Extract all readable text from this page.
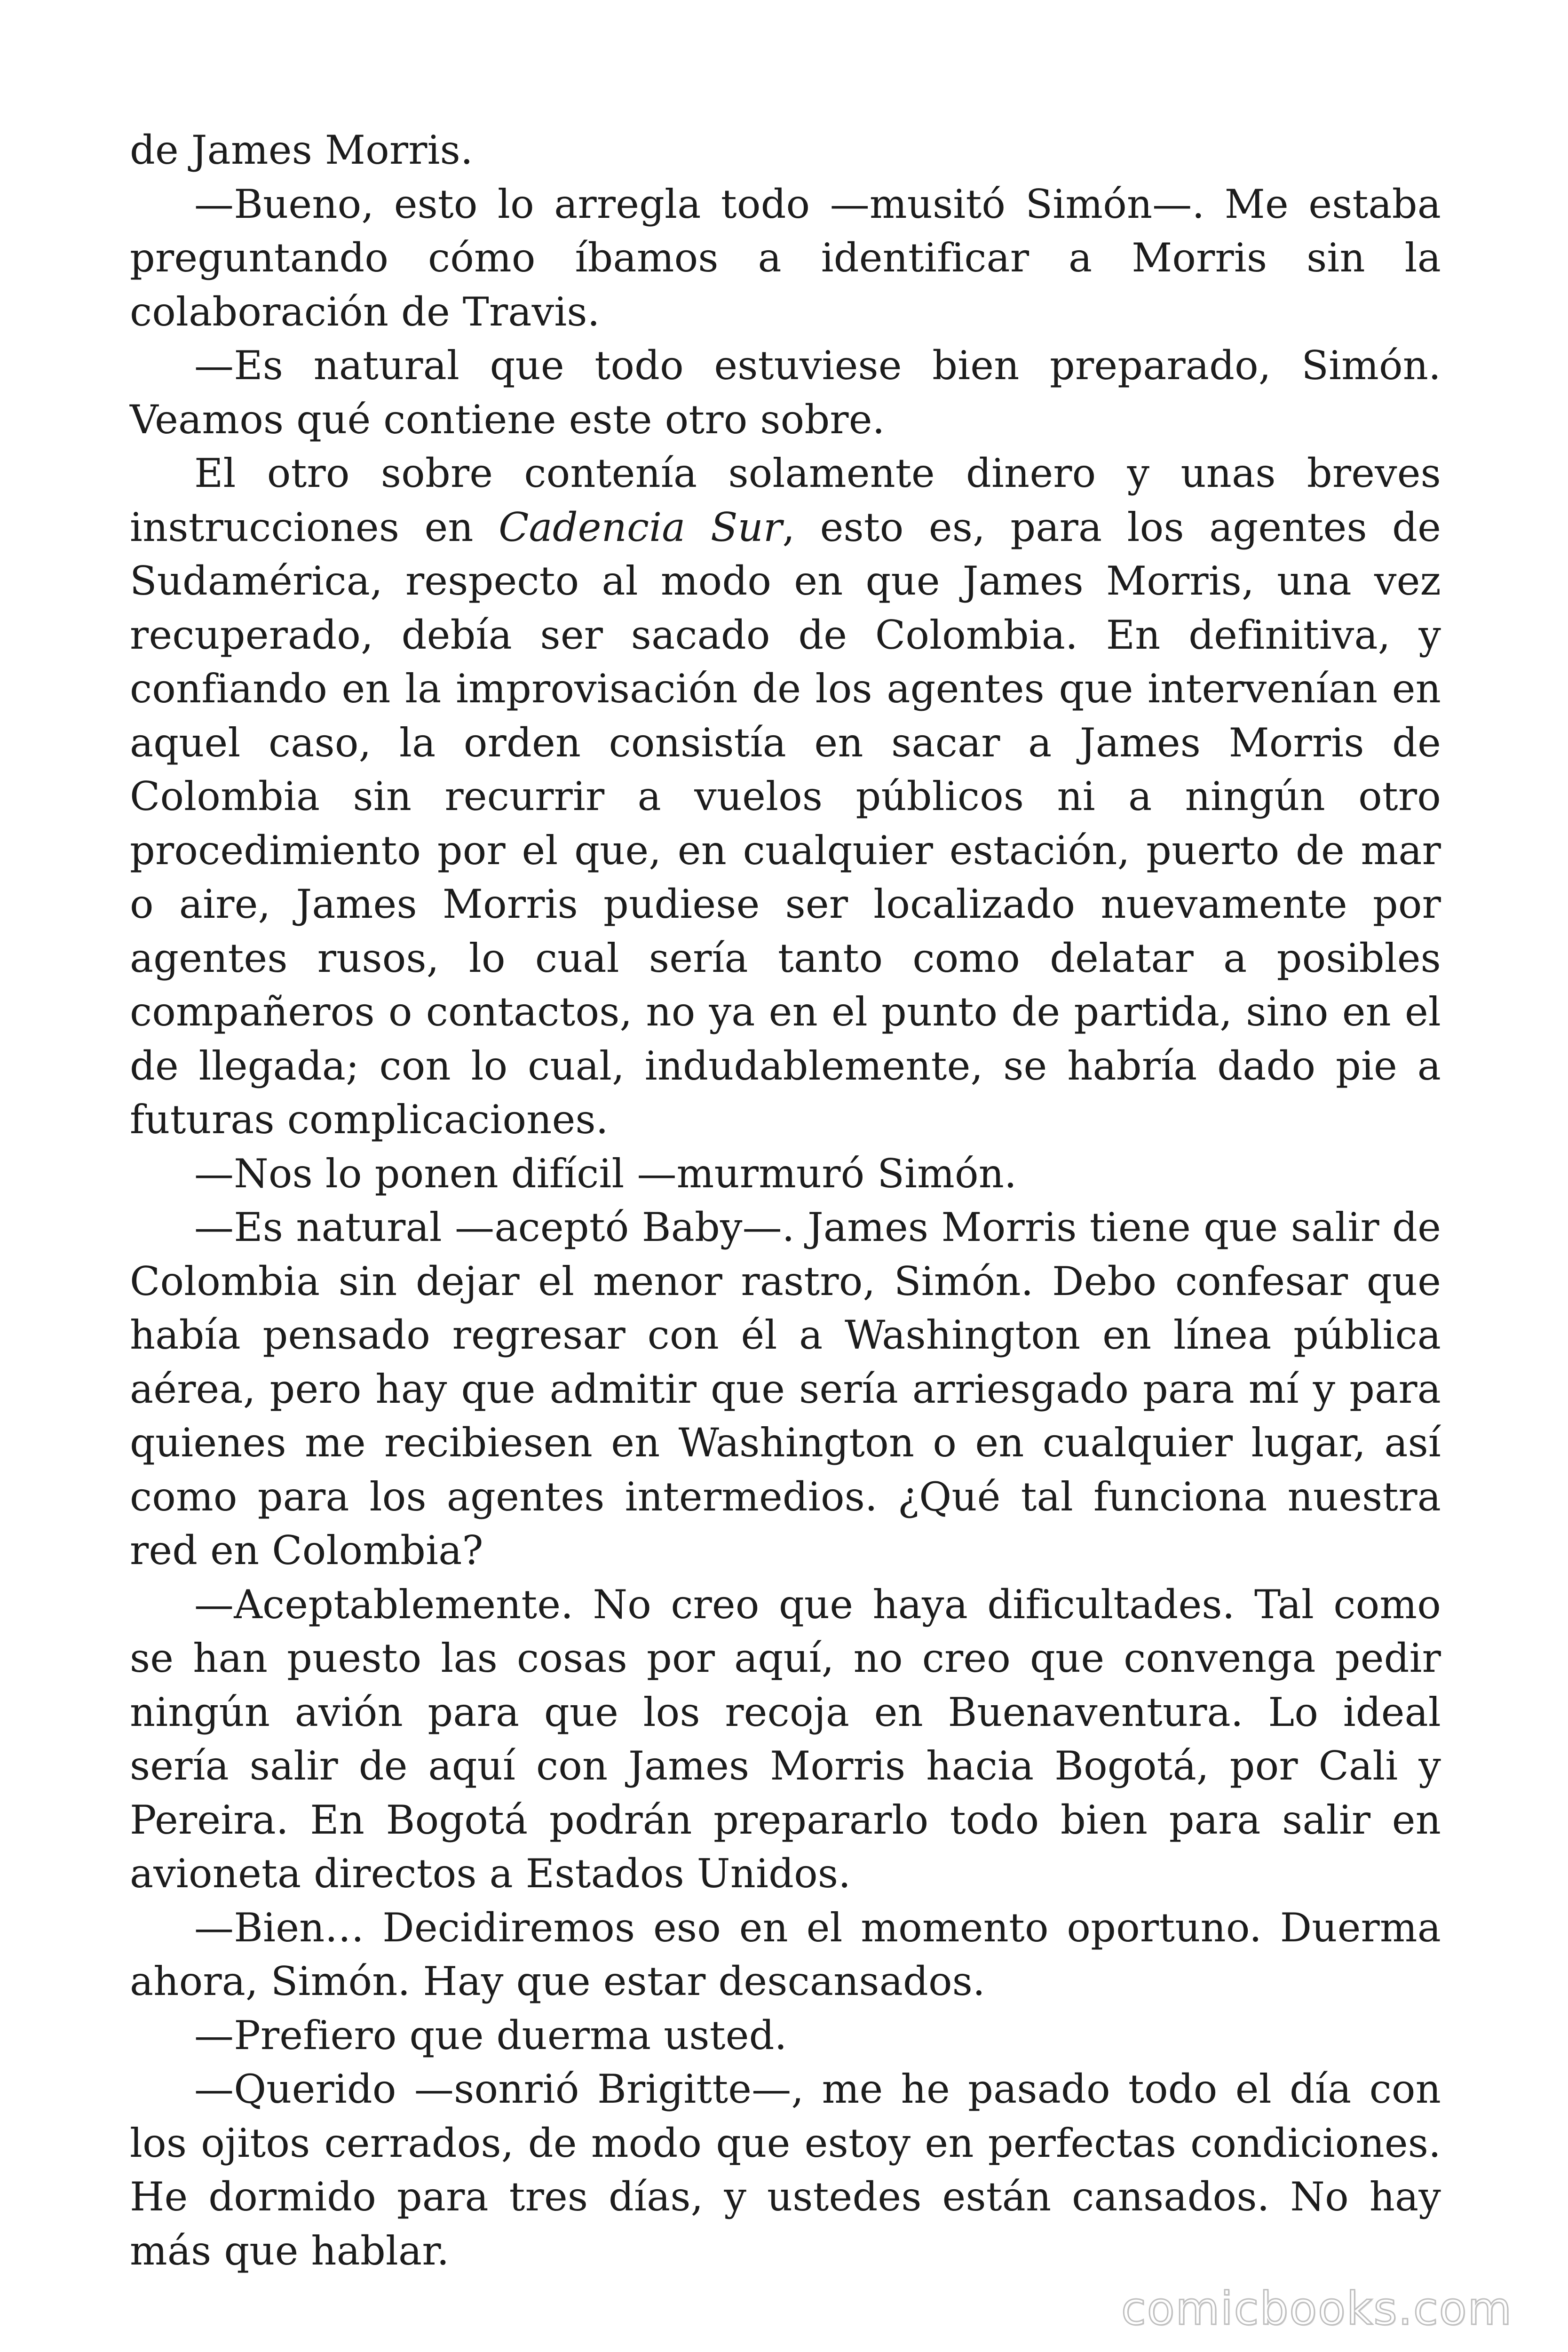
de James Morris.

—Bueno, esto lo arregla todo —musitó Simón—. Me estaba preguntando cómo íbamos a identificar a Morris sin la colaboración de Travis.

—Es natural que todo estuviese bien preparado, Simón. Veamos qué contiene este otro sobre.

El otro sobre contenía solamente dinero y unas breves instrucciones en Cadencia Sur, esto es, para los agentes de Sudamérica, respecto al modo en que James Morris, una vez recuperado, debía ser sacado de Colombia. En definitiva, y confiando en la improvisación de los agentes que intervenían en aquel caso, la orden consistía en sacar a James Morris de Colombia sin recurrir a vuelos públicos ni a ningún otro procedimiento por el que, en cualquier estación, puerto de mar o aire, James Morris pudiese ser localizado nuevamente por agentes rusos, lo cual sería tanto como delatar a posibles compañeros o contactos, no ya en el punto de partida, sino en el de llegada; con lo cual, indudablemente, se habría dado pie a futuras complicaciones.

—Nos lo ponen difícil —murmuró Simón.

—Es natural —aceptó Baby—. James Morris tiene que salir de Colombia sin dejar el menor rastro, Simón. Debo confesar que había pensado regresar con él a Washington en línea pública aérea, pero hay que admitir que sería arriesgado para mí y para quienes me recibiesen en Washington o en cualquier lugar, así como para los agentes intermedios. ¿Qué tal funciona nuestra red en Colombia?

—Aceptablemente. No creo que haya dificultades. Tal como se han puesto las cosas por aquí, no creo que convenga pedir ningún avión para que los recoja en Buenaventura. Lo ideal sería salir de aquí con James Morris hacia Bogotá, por Cali y Pereira. En Bogotá podrán prepararlo todo bien para salir en avioneta directos a Estados Unidos.

—Bien… Decidiremos eso en el momento oportuno. Duerma ahora, Simón. Hay que estar descansados.

—Prefiero que duerma usted.

—Querido —sonrió Brigitte—, me he pasado todo el día con los ojitos cerrados, de modo que estoy en perfectas condiciones. He dormido para tres días, y ustedes están cansados. No hay más que hablar.

comicbooks.com
